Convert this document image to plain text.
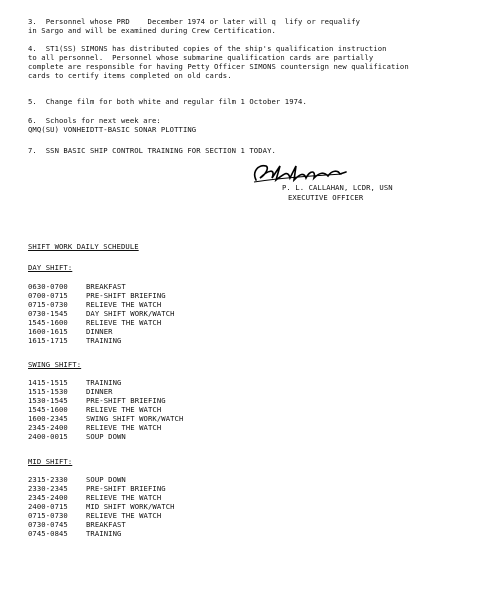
3.  Personnel whose PRD    December 1974 or later will q  lify or requalify
in Sargo and will be examined during Crew Certification.
4.  ST1(SS) SIMONS has distributed copies of the ship's qualification instruction
to all personnel.  Personnel whose submarine qualification cards are partially
complete are responsible for having Petty Officer SIMONS countersign new qualification
cards to certify items completed on old cards.
5.  Change film for both white and regular film 1 October 1974.
6.  Schools for next week are:
QMQ(SU) VONHEIDTT-BASIC SONAR PLOTTING
7.  SSN BASIC SHIP CONTROL TRAINING FOR SECTION 1 TODAY.
P. L. CALLAHAN, LCDR, USN
EXECUTIVE OFFICER
SHIFT WORK DAILY SCHEDULE
DAY SHIFT:
0630-0700	BREAKFAST
0700-0715	PRE-SHIFT BRIEFING
0715-0730	RELIEVE THE WATCH
0730-1545	DAY SHIFT WORK/WATCH
1545-1600	RELIEVE THE WATCH
1600-1615	DINNER
1615-1715	TRAINING
SWING SHIFT:
1415-1515	TRAINING
1515-1530	DINNER
1530-1545	PRE-SHIFT BRIEFING
1545-1600	RELIEVE THE WATCH
1600-2345	SWING SHIFT WORK/WATCH
2345-2400	RELIEVE THE WATCH
2400-0015	SOUP DOWN
MID SHIFT:
2315-2330	SOUP DOWN
2330-2345	PRE-SHIFT BRIEFING
2345-2400	RELIEVE THE WATCH
2400-0715	MID SHIFT WORK/WATCH
0715-0730	RELIEVE THE WATCH
0730-0745	BREAKFAST
0745-0845	TRAINING
